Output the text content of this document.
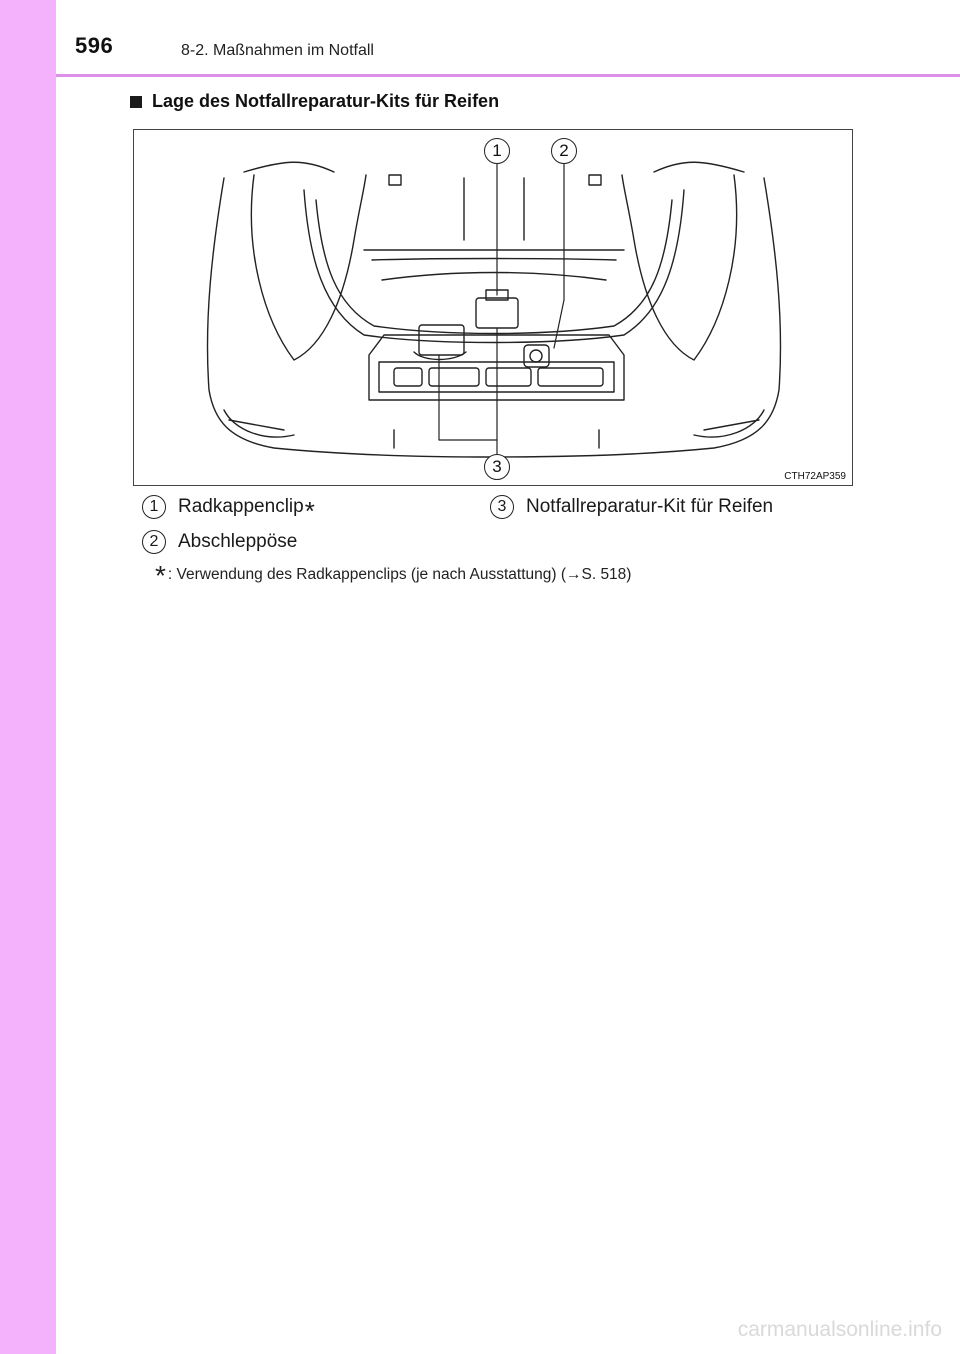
596	8-2. Maßnahmen im Notfall
Lage des Notfallreparatur-Kits für Reifen
1	2
3
CTH72AP359
1	Radkappenclip*
2	Abschleppöse
3	Notfallreparatur-Kit für Reifen
* : Verwendung des Radkappenclips (je nach Ausstattung) (→S. 518)
carmanualsonline.info
